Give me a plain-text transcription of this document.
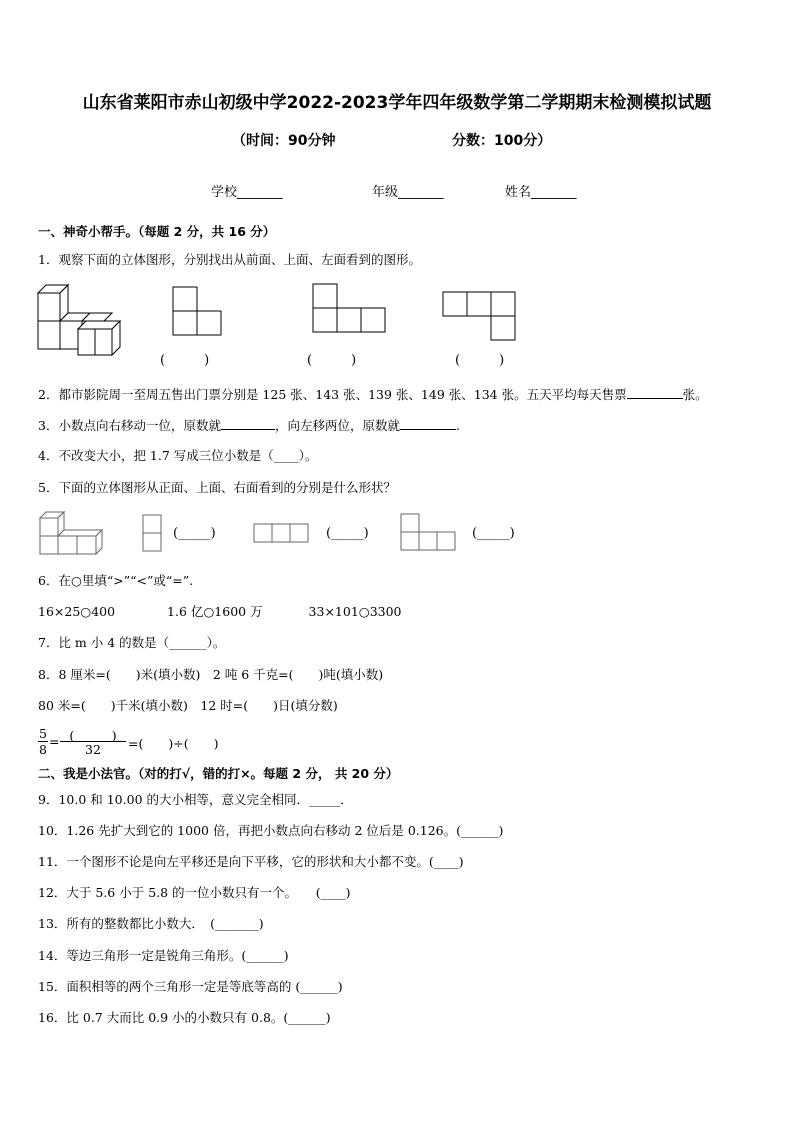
山东省莱阳市赤山初级中学2022-2023学年四年级数学第二学期期末检测模拟试题
（时间：90分钟	分数：100分）
学校_______	年级_______	姓名_______
一、神奇小帮手。（每题 2 分，共 16 分）
1．观察下面的立体图形，分别找出从前面、上面、左面看到的图形。
(　　　)	(　　　)	(　　　)
2．都市影院周一至周五售出门票分别是 125 张、143 张、139 张、149 张、134 张。五天平均每天售票	张。
3．小数点向右移动一位，原数就	，向左移两位，原数就	.
4．不改变大小，把 1.7 写成三位小数是（____）。
5．下面的立体图形从正面、上面、右面看到的分别是什么形状？
(_____)	(_____)	(_____)
6．在○里填“>”“<”或“=”.
16×25○400	1.6 亿○1600 万	33×101○3300
7．比 m 小 4 的数是（______）。
8．8 厘米=(　　)米(填小数)　2 吨 6 千克=(　　)吨(填小数)
80 米=(　　)千米(填小数)　12 时=(　　)日(填分数)
5
8
= (　　　)
32	=(　　)÷(　　)
二、我是小法官。（对的打√，错的打×。每题 2 分， 共 20 分）
9．10.0 和 10.00 的大小相等，意义完全相同．_____．
10．1.26 先扩大到它的 1000 倍，再把小数点向右移动 2 位后是 0.126。(______)
11．一个图形不论是向左平移还是向下平移，它的形状和大小都不变。(____)
12．大于 5.6 小于 5.8 的一位小数只有一个。　　(____)
13．所有的整数都比小数大．　(_______)
14．等边三角形一定是锐角三角形。(______)
15．面积相等的两个三角形一定是等底等高的 (______)
16．比 0.7 大而比 0.9 小的小数只有 0.8。(______)
